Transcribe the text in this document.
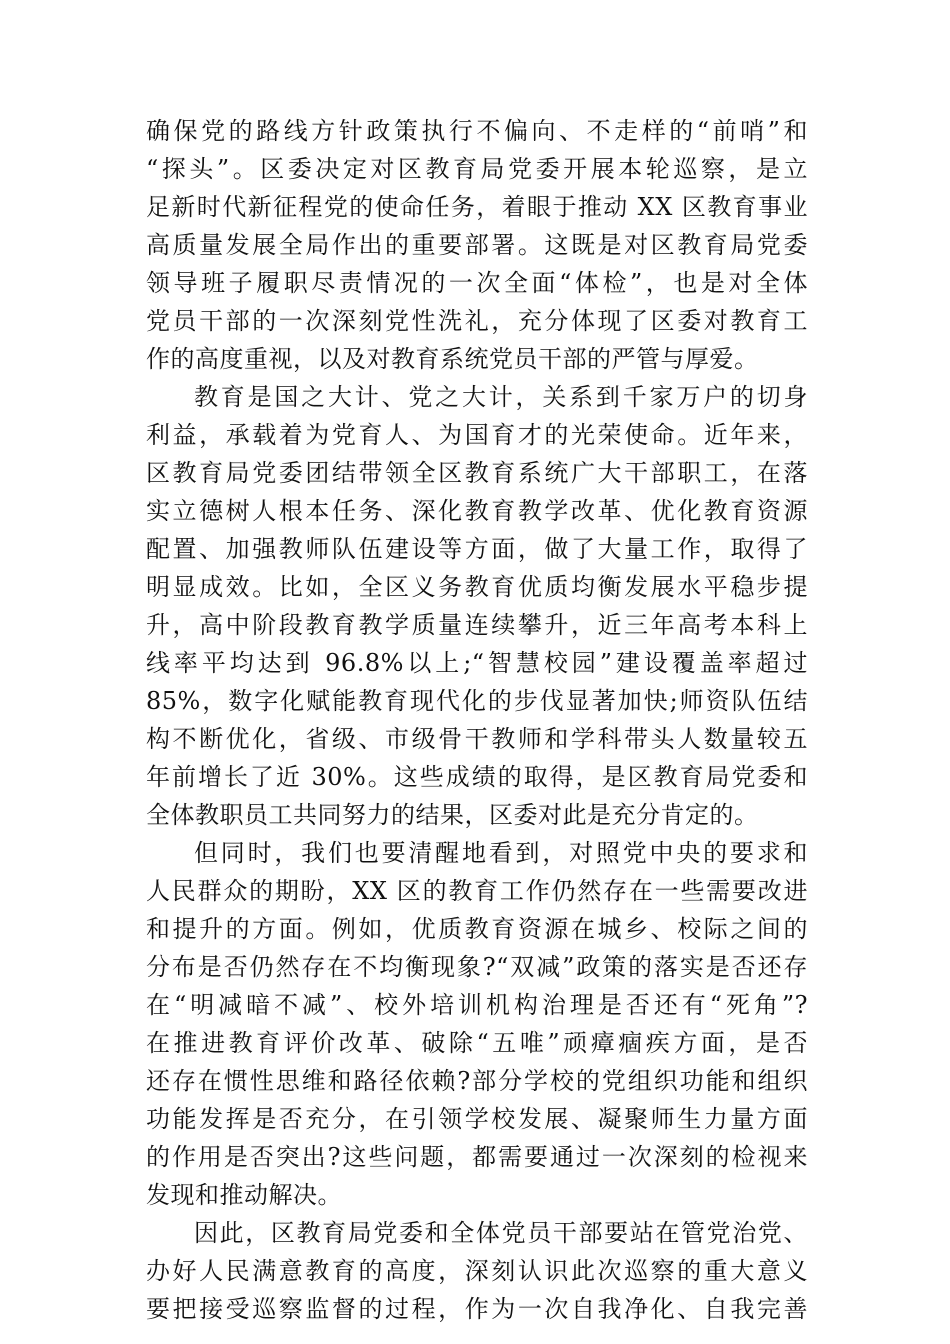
确保党的路线方针政策执行不偏向、不走样的“前哨”和
“探头”。区委决定对区教育局党委开展本轮巡察，是立
足新时代新征程党的使命任务，着眼于推动 XX 区教育事业
高质量发展全局作出的重要部署。这既是对区教育局党委
领导班子履职尽责情况的一次全面“体检”，也是对全体
党员干部的一次深刻党性洗礼，充分体现了区委对教育工
作的高度重视，以及对教育系统党员干部的严管与厚爱。
教育是国之大计、党之大计，关系到千家万户的切身
利益，承载着为党育人、为国育才的光荣使命。近年来，
区教育局党委团结带领全区教育系统广大干部职工，在落
实立德树人根本任务、深化教育教学改革、优化教育资源
配置、加强教师队伍建设等方面，做了大量工作，取得了
明显成效。比如，全区义务教育优质均衡发展水平稳步提
升，高中阶段教育教学质量连续攀升，近三年高考本科上
线率平均达到 96.8%以上;“智慧校园”建设覆盖率超过
85%，数字化赋能教育现代化的步伐显著加快;师资队伍结
构不断优化，省级、市级骨干教师和学科带头人数量较五
年前增长了近 30%。这些成绩的取得，是区教育局党委和
全体教职员工共同努力的结果，区委对此是充分肯定的。
但同时，我们也要清醒地看到，对照党中央的要求和
人民群众的期盼，XX 区的教育工作仍然存在一些需要改进
和提升的方面。例如，优质教育资源在城乡、校际之间的
分布是否仍然存在不均衡现象?“双减”政策的落实是否还存
在“明减暗不减”、校外培训机构治理是否还有“死角”?
在推进教育评价改革、破除“五唯”顽瘴痼疾方面，是否
还存在惯性思维和路径依赖?部分学校的党组织功能和组织
功能发挥是否充分，在引领学校发展、凝聚师生力量方面
的作用是否突出?这些问题，都需要通过一次深刻的检视来
发现和推动解决。
因此，区教育局党委和全体党员干部要站在管党治党、
办好人民满意教育的高度，深刻认识此次巡察的重大意义
要把接受巡察监督的过程，作为一次自我净化、自我完善
